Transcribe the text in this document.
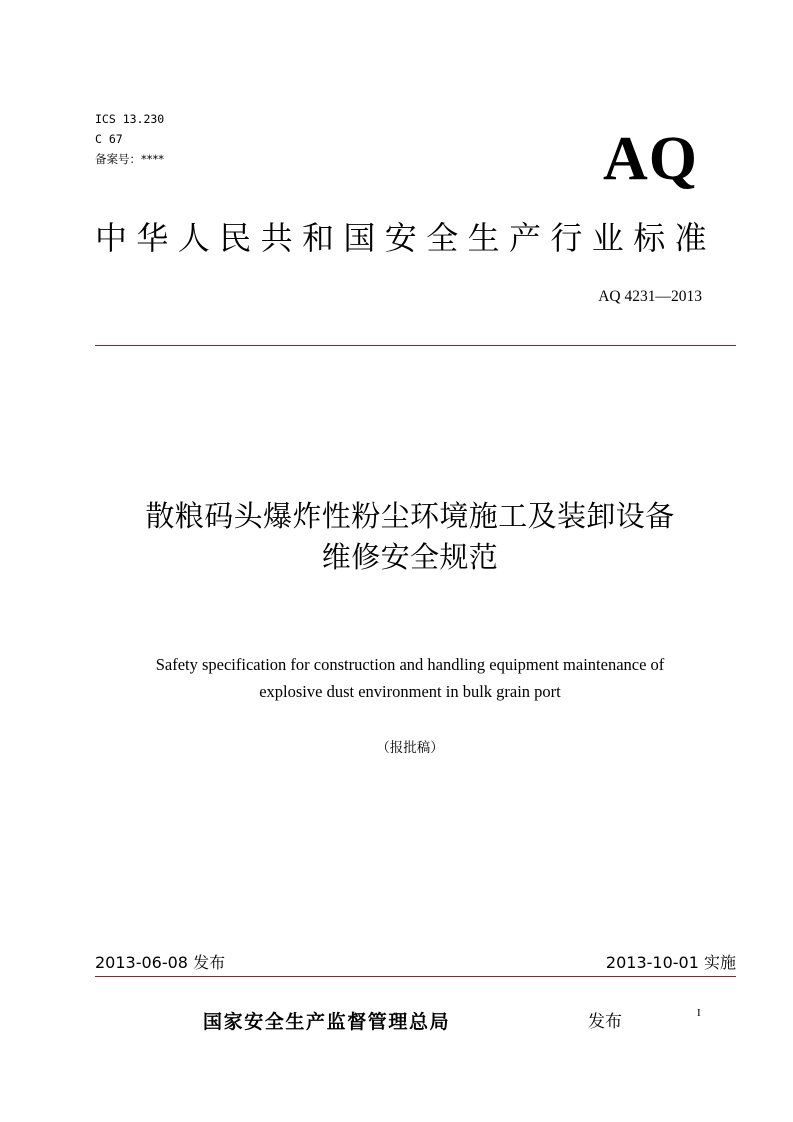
ICS 13.230
C 67
备案号：****	AQ
中华人民共和国安全生产行业标准
AQ 4231—2013
散粮码头爆炸性粉尘环境施工及装卸设备
维修安全规范
Safety specification for construction and handling equipment maintenance of
explosive dust environment in bulk grain port
（报批稿）
2013-06-08 发布	2013-10-01 实施
国家安全生产监督管理总局	发布	I
